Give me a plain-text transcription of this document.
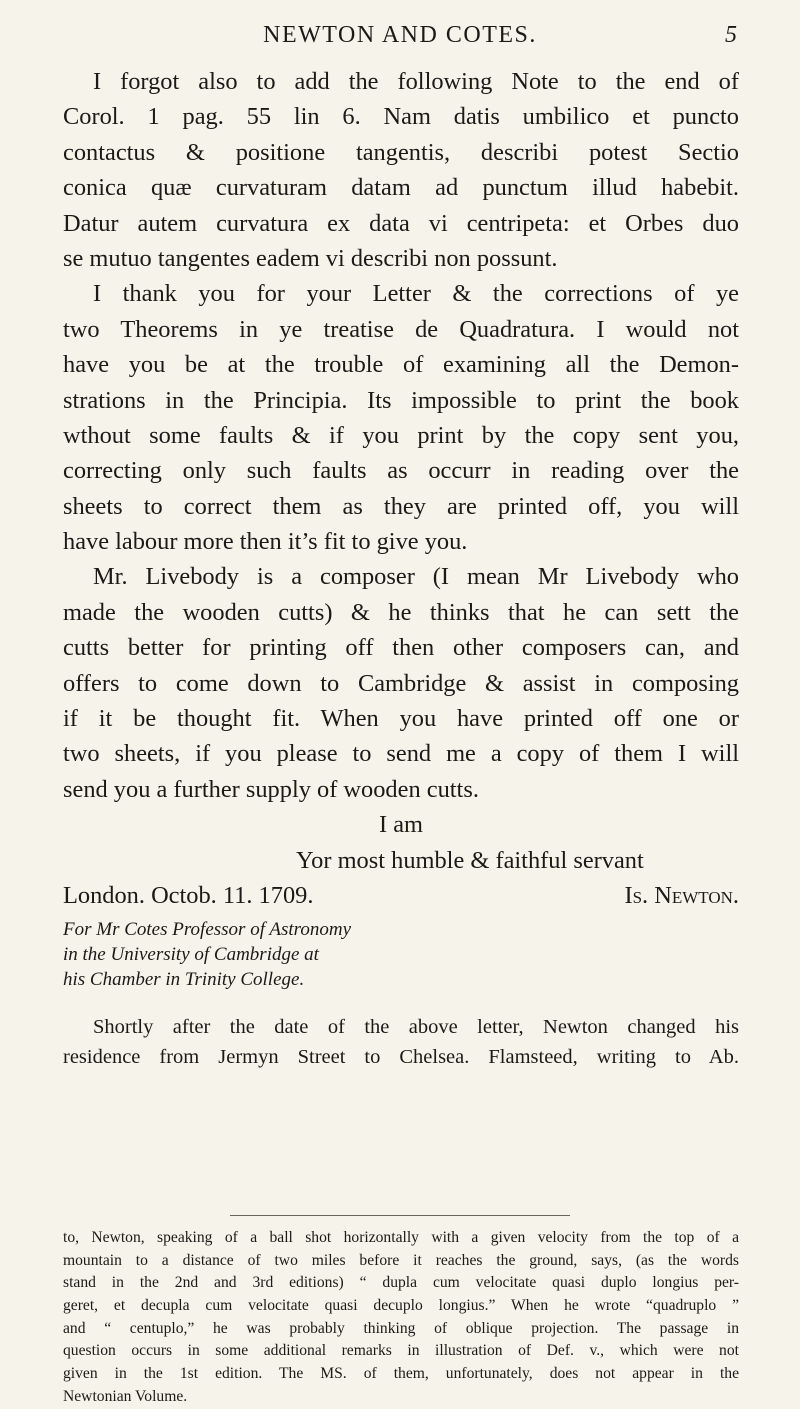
NEWTON AND COTES.	5
I forgot also to add the following Note to the end of
Corol. 1 pag. 55 lin 6. Nam datis umbilico et puncto
contactus & positione tangentis, describi potest Sectio
conica quæ curvaturam datam ad punctum illud habebit.
Datur autem curvatura ex data vi centripeta: et Orbes duo
se mutuo tangentes eadem vi describi non possunt.
I thank you for your Letter & the corrections of ye
two Theorems in ye treatise de Quadratura. I would not
have you be at the trouble of examining all the Demon-
strations in the Principia. Its impossible to print the book
wthout some faults & if you print by the copy sent you,
correcting only such faults as occurr in reading over the
sheets to correct them as they are printed off, you will
have labour more then it’s fit to give you.
Mr. Livebody is a composer (I mean Mr Livebody who
made the wooden cutts) & he thinks that he can sett the
cutts better for printing off then other composers can, and
offers to come down to Cambridge & assist in composing
if it be thought fit. When you have printed off one or
two sheets, if you please to send me a copy of them I will
send you a further supply of wooden cutts.
I am
Yor most humble & faithful servant
London. Octob. 11. 1709.	Is. Newton.
For Mr Cotes Professor of Astronomy
in the University of Cambridge at
his Chamber in Trinity College.
Shortly after the date of the above letter, Newton changed his
residence from Jermyn Street to Chelsea. Flamsteed, writing to Ab.
to, Newton, speaking of a ball shot horizontally with a given velocity from the top of a
mountain to a distance of two miles before it reaches the ground, says, (as the words
stand in the 2nd and 3rd editions) “ dupla cum velocitate quasi duplo longius per-
geret, et decupla cum velocitate quasi decuplo longius.” When he wrote “quadruplo ”
and “ centuplo,” he was probably thinking of oblique projection. The passage in
question occurs in some additional remarks in illustration of Def. v., which were not
given in the 1st edition. The MS. of them, unfortunately, does not appear in the
Newtonian Volume.
